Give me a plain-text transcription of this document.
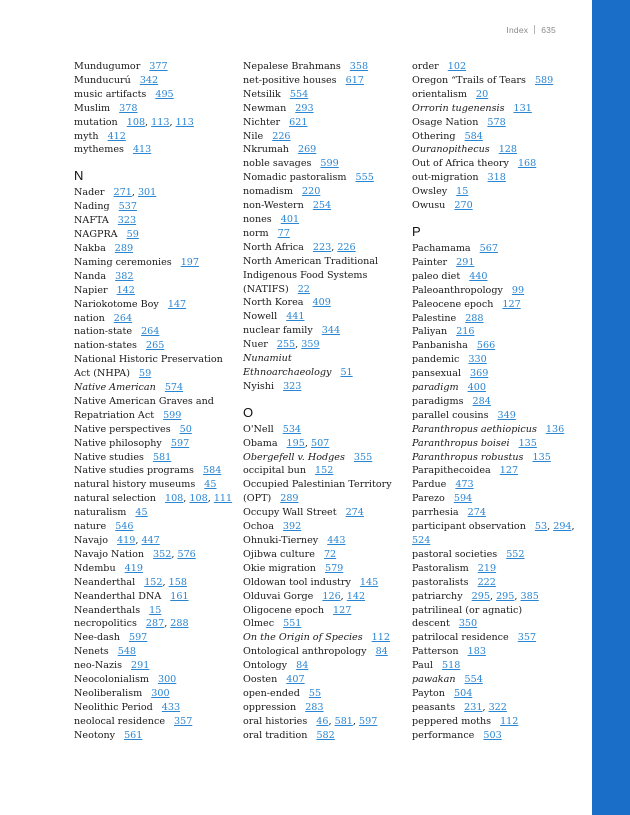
Index 635
Mundugumor 377
Munducurú 342
music artifacts 495
Muslim 378
mutation 108, 113, 113
myth 412
mythemes 413
N
Nader 271, 301
Nading 537
NAFTA 323
NAGPRA 59
Nakba 289
Naming ceremonies 197
Nanda 382
Napier 142
Nariokotome Boy 147
nation 264
nation-state 264
nation-states 265
National Historic Preservation Act (NHPA) 59
Native American 574
Native American Graves and Repatriation Act 599
Native perspectives 50
Native philosophy 597
Native studies 581
Native studies programs 584
natural history museums 45
natural selection 108, 108, 111
naturalism 45
nature 546
Navajo 419, 447
Navajo Nation 352, 576
Ndembu 419
Neanderthal 152, 158
Neanderthal DNA 161
Neanderthals 15
necropolitics 287, 288
Nee-dash 597
Nenets 548
neo-Nazis 291
Neocolonialism 300
Neoliberalism 300
Neolithic Period 433
neolocal residence 357
Neotony 561
Nepalese Brahmans 358
net-positive houses 617
Netsilik 554
Newman 293
Nichter 621
Nile 226
Nkrumah 269
noble savages 599
Nomadic pastoralism 555
nomadism 220
non-Western 254
nones 401
norm 77
North Africa 223, 226
North American Traditional Indigenous Food Systems (NATIFS) 22
North Korea 409
Nowell 441
nuclear family 344
Nuer 255, 359
Nunamiut Ethnoarchaeology 51
Nyishi 323
O
O'Nell 534
Obama 195, 507
Obergefell v. Hodges 355
occipital bun 152
Occupied Palestinian Territory (OPT) 289
Occupy Wall Street 274
Ochoa 392
Ohnuki-Tierney 443
Ojibwa culture 72
Okie migration 579
Oldowan tool industry 145
Olduvai Gorge 126, 142
Oligocene epoch 127
Olmec 551
On the Origin of Species 112
Ontological anthropology 84
Ontology 84
Oosten 407
open-ended 55
oppression 283
oral histories 46, 581, 597
oral tradition 582
order 102
Oregon “Trails of Tears 589
orientalism 20
Orrorin tugenensis 131
Osage Nation 578
Othering 584
Ouranopithecus 128
Out of Africa theory 168
out-migration 318
Owsley 15
Owusu 270
P
Pachamama 567
Painter 291
paleo diet 440
Paleoanthropology 99
Paleocene epoch 127
Palestine 288
Paliyan 216
Panbanisha 566
pandemic 330
pansexual 369
paradigm 400
paradigms 284
parallel cousins 349
Paranthropus aethiopicus 136
Paranthropus boisei 135
Paranthropus robustus 135
Parapithecoidea 127
Pardue 473
Parezo 594
parrhesia 274
participant observation 53, 294, 524
pastoral societies 552
Pastoralism 219
pastoralists 222
patriarchy 295, 295, 385
patrilineal (or agnatic) descent 350
patrilocal residence 357
Patterson 183
Paul 518
pawakan 554
Payton 504
peasants 231, 322
peppered moths 112
performance 503
